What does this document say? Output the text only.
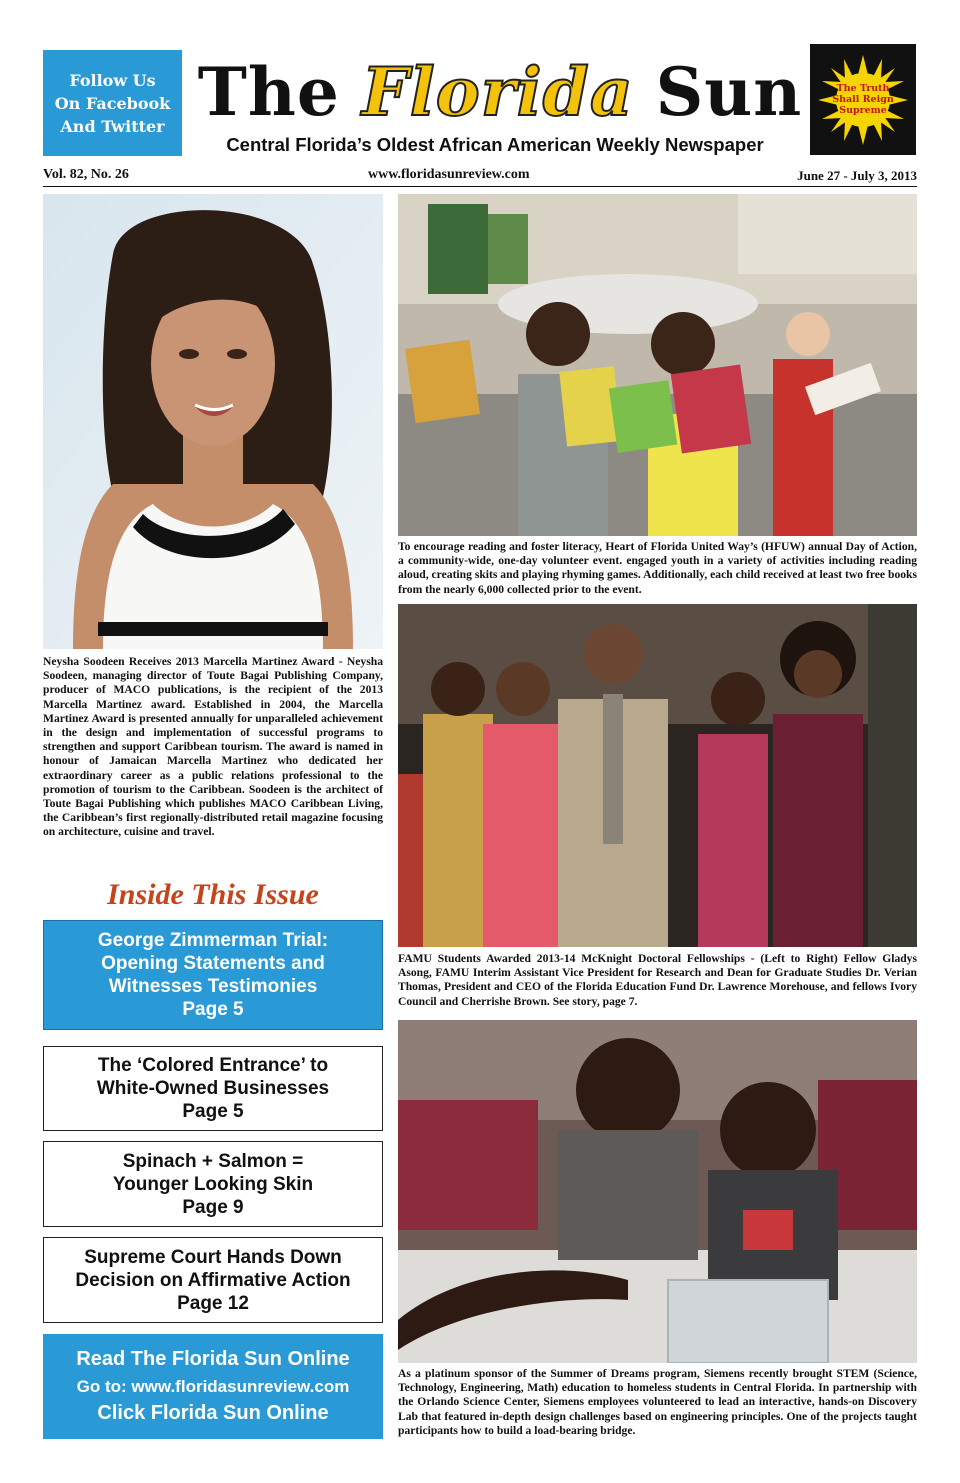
Follow Us
On Facebook
And Twitter The Florida Sun
Central Florida’s Oldest African American Weekly Newspaper
The Truth
Shall Reign
Supreme
Vol. 82, No. 26	www.floridasunreview.com	June 27 - July 3, 2013
Neysha Soodeen Receives 2013 Marcella Martinez Award - Neysha Soodeen, managing director of Toute Bagai Publishing Company, producer of MACO publications, is the recipient of the 2013 Marcella Martinez award. Established in 2004, the Marcella Martinez Award is presented annually for unparalleled achievement in the design and implementation of successful programs to strengthen and support Caribbean tourism. The award is named in honour of Jamaican Marcella Martinez who dedicated her extraordinary career as a public relations professional to the promotion of tourism to the Caribbean. Soodeen is the architect of Toute Bagai Publishing which publishes MACO Caribbean Living, the Caribbean’s first regionally-distributed retail magazine focusing on architecture, cuisine and travel.
Inside This Issue
George Zimmerman Trial:
Opening Statements and
Witnesses Testimonies
Page 5
The ‘Colored Entrance’ to
White-Owned Businesses
Page 5
Spinach + Salmon =
Younger Looking Skin
Page 9
Supreme Court Hands Down
Decision on Affirmative Action
Page 12
Read The Florida Sun Online
Go to: www.floridasunreview.com
Click Florida Sun Online
To encourage reading and foster literacy, Heart of Florida United Way’s (HFUW) annual Day of Action, a community-wide, one-day volunteer event. engaged youth in a variety of activities including reading aloud, creating skits and playing rhyming games. Additionally, each child received at least two free books from the nearly 6,000 collected prior to the event.
FAMU Students Awarded 2013-14 McKnight Doctoral Fellowships - (Left to Right) Fellow Gladys Asong, FAMU Interim Assistant Vice President for Research and Dean for Graduate Studies Dr. Verian Thomas, President and CEO of the Florida Education Fund Dr. Lawrence Morehouse, and fellows Ivory Council and Cherrishe Brown. See story, page 7.
As a platinum sponsor of the Summer of Dreams program, Siemens recently brought STEM (Science, Technology, Engineering, Math) education to homeless students in Central Florida. In partnership with the Orlando Science Center, Siemens employees volunteered to lead an interactive, hands-on Discovery Lab that featured in-depth design challenges based on engineering principles. One of the projects taught participants how to build a load-bearing bridge.
